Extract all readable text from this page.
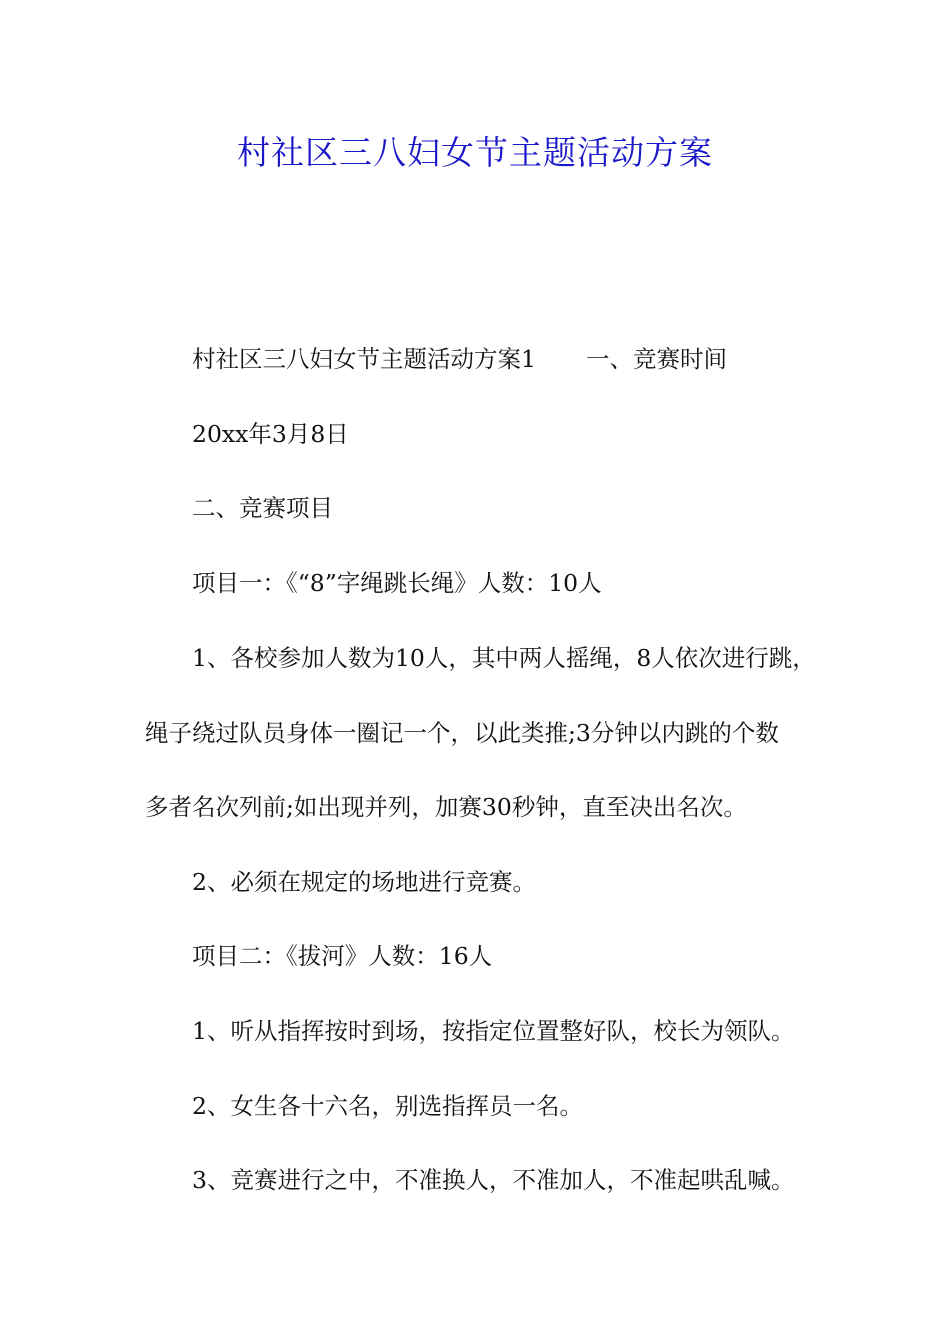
村社区三八妇女节主题活动方案
村社区三八妇女节主题活动方案1 一、竞赛时间
20xx年3月8日
二、竞赛项目
项目一：《“8”字绳跳长绳》人数：10人
1、各校参加人数为10人，其中两人摇绳，8人依次进行跳，
绳子绕过队员身体一圈记一个，以此类推;3分钟以内跳的个数
多者名次列前;如出现并列，加赛30秒钟，直至决出名次。
2、必须在规定的场地进行竞赛。
项目二：《拔河》人数：16人
1、听从指挥按时到场，按指定位置整好队，校长为领队。
2、女生各十六名，别选指挥员一名。
3、竞赛进行之中，不准换人，不准加人，不准起哄乱喊。
